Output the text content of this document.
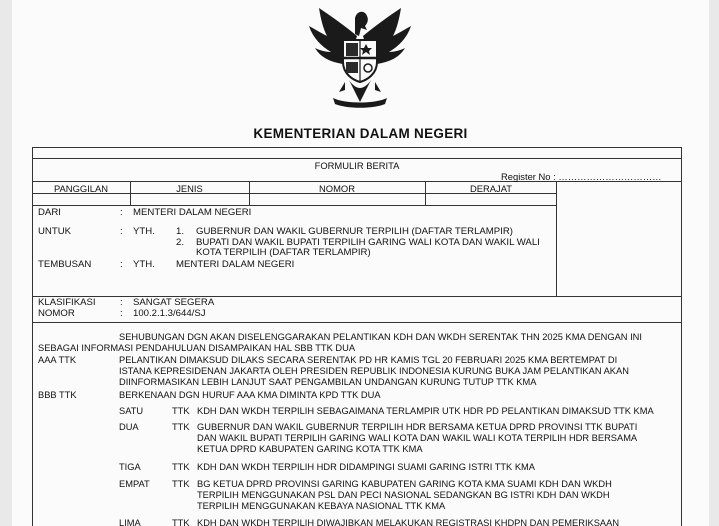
KEMENTERIAN DALAM NEGERI
FORMULIR BERITA
Register No : ……………………………
PANGGILAN	JENIS	NOMOR	DERAJAT
DARI	: MENTERI DALAM NEGERI
UNTUK	: YTH. 1. GUBERNUR DAN WAKIL GUBERNUR TERPILIH (DAFTAR TERLAMPIR)
2. BUPATI DAN WAKIL BUPATI TERPILIH GARING WALI KOTA DAN WAKIL WALI
KOTA TERPILIH (DAFTAR TERLAMPIR)
TEMBUSAN	: YTH. MENTERI DALAM NEGERI
KLASIFIKASI	: SANGAT SEGERA
NOMOR	: 100.2.1.3/644/SJ
SEHUBUNGAN DGN AKAN DISELENGGARAKAN PELANTIKAN KDH DAN WKDH SERENTAK THN 2025 KMA DENGAN INI
SEBAGAI INFORMASI PENDAHULUAN DISAMPAIKAN HAL SBB TTK DUA
AAA TTK	PELANTIKAN DIMAKSUD DILAKS SECARA SERENTAK PD HR KAMIS TGL 20 FEBRUARI 2025 KMA BERTEMPAT DI
ISTANA KEPRESIDENAN JAKARTA OLEH PRESIDEN REPUBLIK INDONESIA KURUNG BUKA JAM PELANTIKAN AKAN
DIINFORMASIKAN LEBIH LANJUT SAAT PENGAMBILAN UNDANGAN KURUNG TUTUP TTK KMA
BBB TTK	BERKENAAN DGN HURUF AAA KMA DIMINTA KPD TTK DUA
SATU	TTK KDH DAN WKDH TERPILIH SEBAGAIMANA TERLAMPIR UTK HDR PD PELANTIKAN DIMAKSUD TTK KMA
DUA	TTK GUBERNUR DAN WAKIL GUBERNUR TERPILIH HDR BERSAMA KETUA DPRD PROVINSI TTK BUPATI
DAN WAKIL BUPATI TERPILIH GARING WALI KOTA DAN WAKIL WALI KOTA TERPILIH HDR BERSAMA
KETUA DPRD KABUPATEN GARING KOTA TTK KMA
TIGA	TTK KDH DAN WKDH TERPILIH HDR DIDAMPINGI SUAMI GARING ISTRI TTK KMA
EMPAT TTK BG KETUA DPRD PROVINSI GARING KABUPATEN GARING KOTA KMA SUAMI KDH DAN WKDH
TERPILIH MENGGUNAKAN PSL DAN PECI NASIONAL SEDANGKAN BG ISTRI KDH DAN WKDH
TERPILIH MENGGUNAKAN KEBAYA NASIONAL TTK KMA
LIMA	TTK KDH DAN WKDH TERPILIH DIWAJIBKAN MELAKUKAN REGISTRASI KHDPN DAN PEMERIKSAAN
